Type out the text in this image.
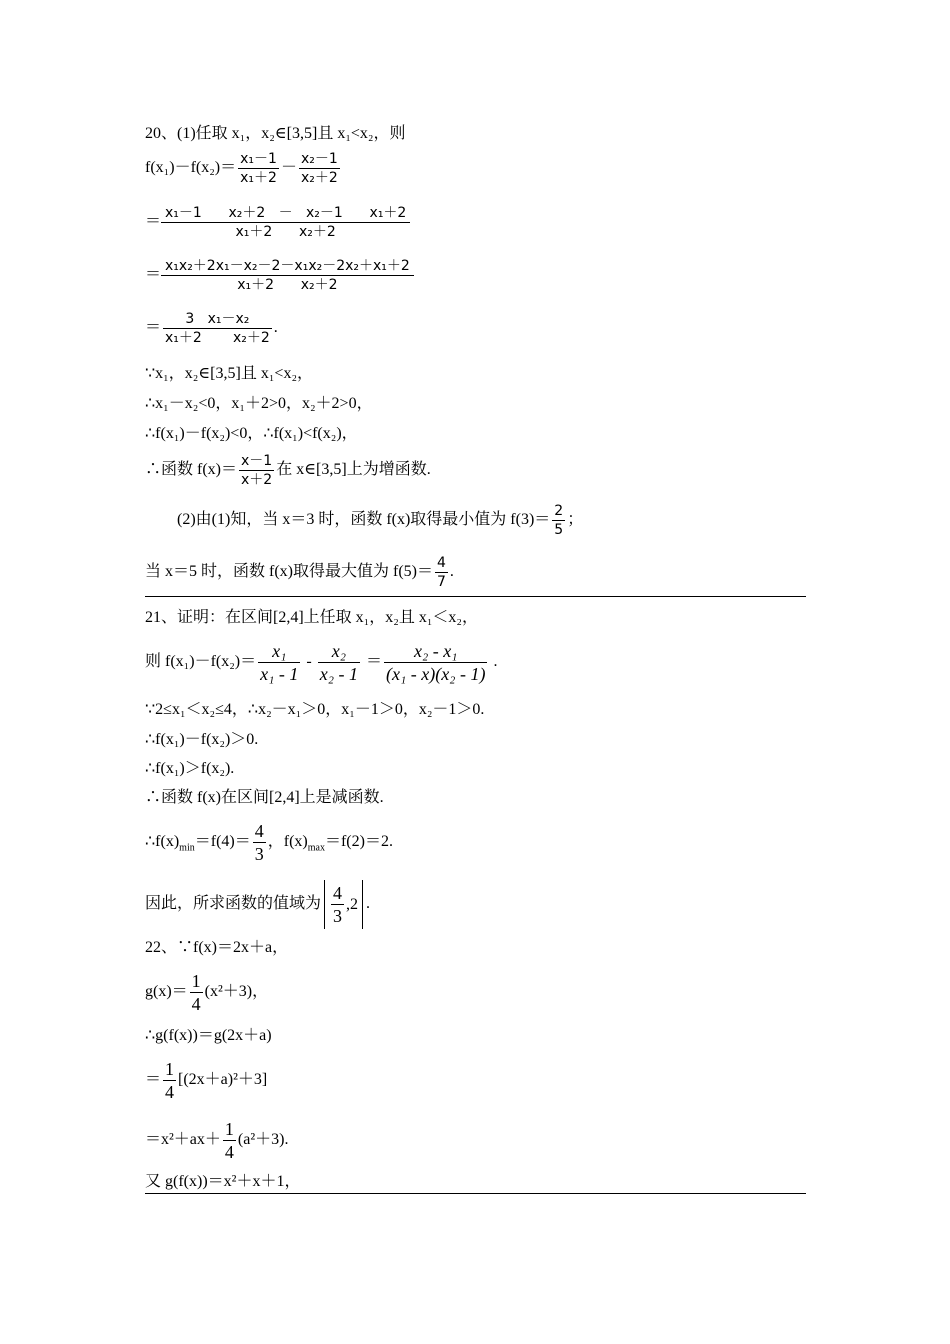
20、(1)任取 x₁，x₂∈[3,5]且 x₁<x₂，则
$f(x_1)-f(x_2)= \frac{\text{x₁－1}}{\text{x₁＋2}} - \frac{\text{x₂－1}}{\text{x₂＋2}}$
＝ $\frac{\text{x₁－1      x₂＋2   －   x₂－1      x₁＋2}}{\text{x₁＋2      x₂＋2}}$
＝ $\frac{\text{x₁x₂＋2x₁－x₂－2－x₁x₂－2x₂＋x₁＋2}}{\text{x₁＋2      x₂＋2}}$
＝ $\frac{\text{3   x₁－x₂}}{\text{x₁＋2       x₂＋2}}$ .
∵x₁，x₂∈[3,5]且 x₁<x₂，
∴x₁－x₂<0，x₁＋2>0，x₂＋2>0，
∴f(x₁)－f(x₂)<0，∴f(x₁)<f(x₂)，
∴函数 $f(x)= \frac{x-1}{x+2}$ 在 x∈[3,5]上为增函数.
(2)由(1)知，当 x＝3 时，函数 f(x)取得最小值为 $f(3)= \frac{2}{5}$ ；
当 x＝5 时，函数 f(x)取得最大值为 $f(5)= \frac{4}{7}$ .
21、证明：在区间[2,4]上任取 x₁，x₂且 x₁＜x₂，
则 $f(x_1)-f(x_2)= \frac{\text{x₁}}{\text{x₁ - 1}} - \frac{\text{x₂}}{\text{x₂ - 1}} = \frac{\text{x₂ - x₁}}{\text{(x₁ - x)(x₂ - 1)}}$ .
∵2≤x₁＜x₂≤4，∴x₂－x₁＞0，x₁－1＞0，x₂－1＞0.
∴f(x₁)－f(x₂)＞0.
∴f(x₁)＞f(x₂).
∴函数 f(x)在区间[2,4]上是减函数.
$\therefore f(x)_{min}=f(4)= \frac{4}{3}$ ，$f(x)_{max}=f(2)=2$.
因此，所求函数的值域为 $\frac{4}{3} ,2$ .
22、∵f(x)＝2x＋a，
$g(x)= \frac{1}{4} (x^2+3)$，
∴g(f(x))＝g(2x＋a)
＝ $\frac{1}{4} [(2x+a)^2+3]$
$=x^2+ax+ \frac{1}{4} (a^2+3)$.
又 g(f(x))＝x²＋x＋1，
